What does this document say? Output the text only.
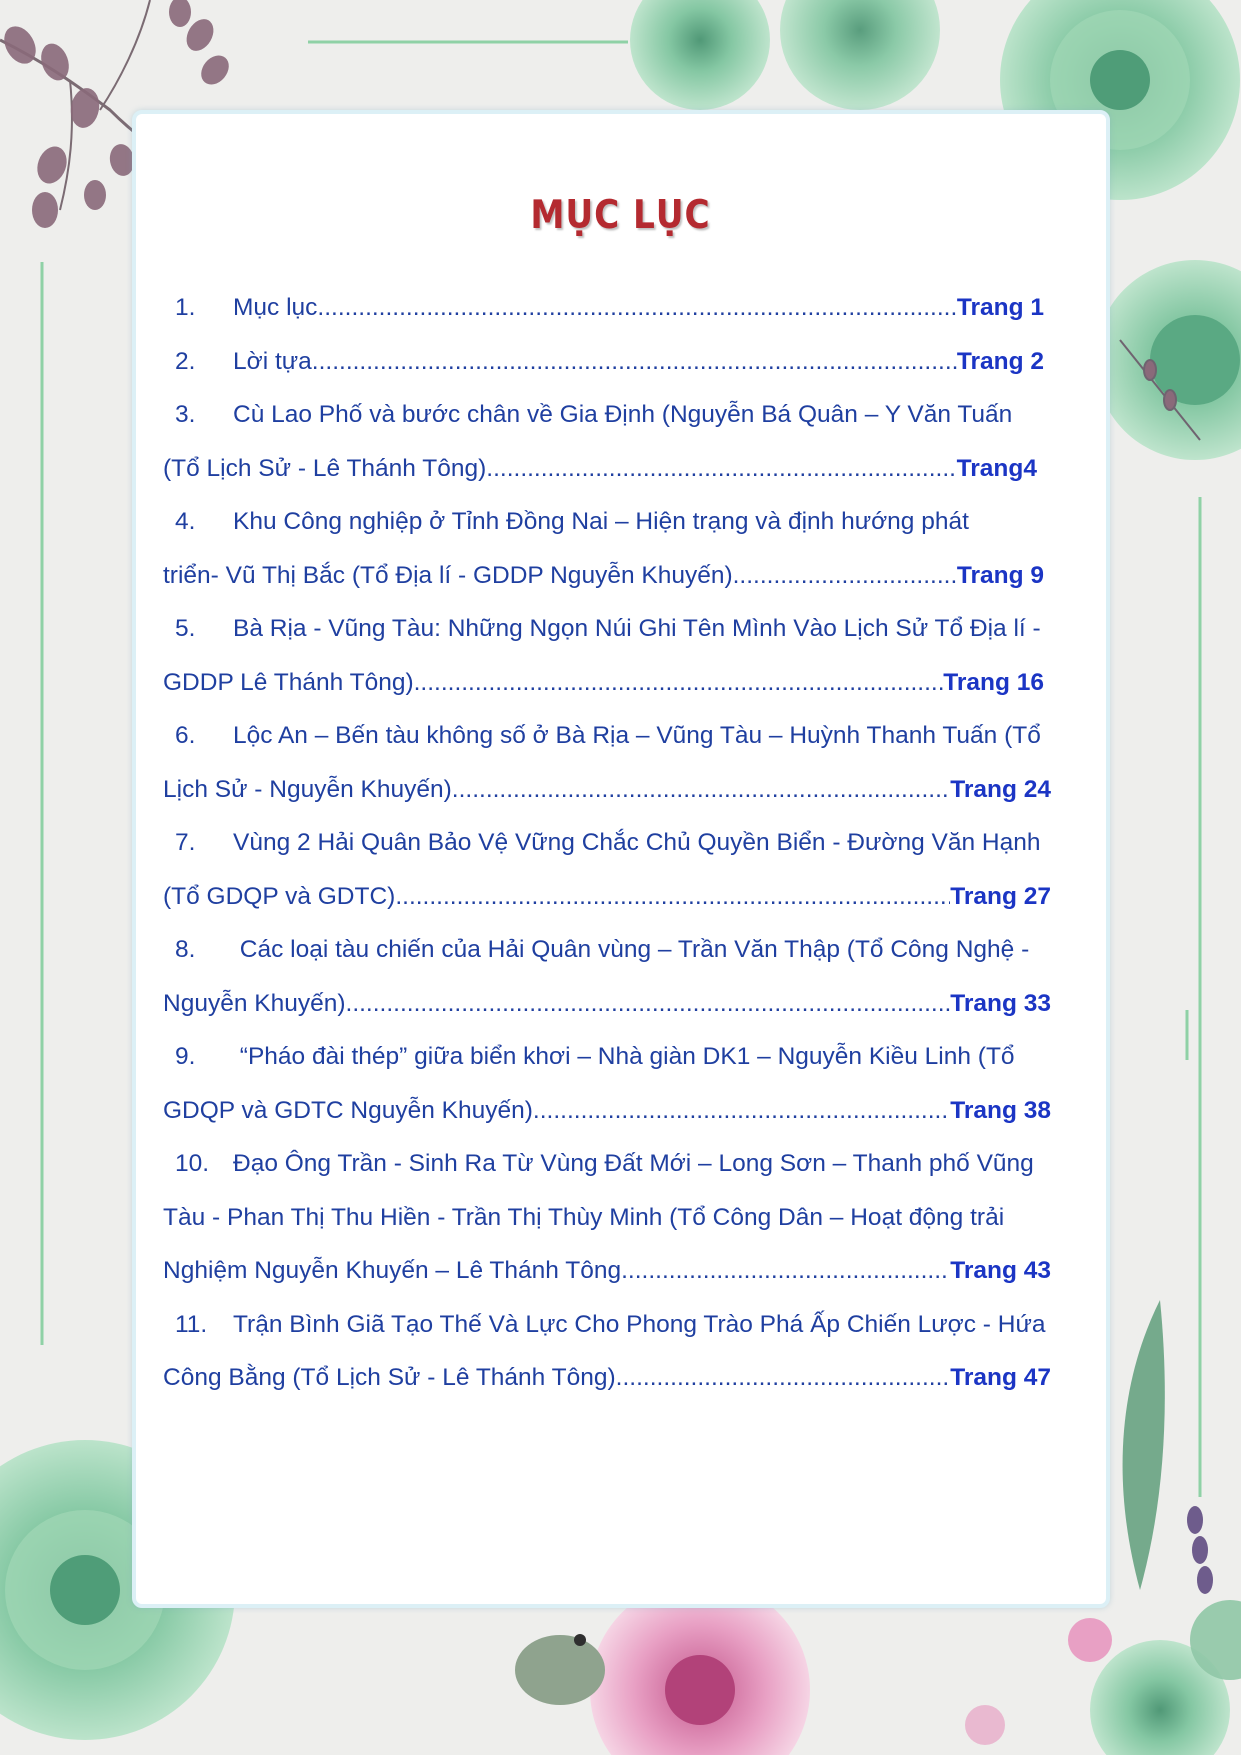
MỤC LỤC
1.	Mục lục .....	Trang 1
2.	Lời tựa .....	Trang 2
3.	Cù Lao Phố và bước chân về Gia Định (Nguyễn Bá Quân – Y Văn Tuấn
(Tổ Lịch Sử - Lê Thánh Tông) .....	Trang4
4.	Khu Công nghiệp ở Tỉnh Đồng Nai – Hiện trạng và định hướng phát
triển- Vũ Thị Bắc (Tổ Địa lí - GDDP Nguyễn Khuyến) .....	Trang 9
5.	Bà Rịa - Vũng Tàu: Những Ngọn Núi Ghi Tên Mình Vào Lịch Sử Tổ Địa lí -
GDDP Lê Thánh Tông). .....	Trang 16
6.	Lộc An – Bến tàu không số ở Bà Rịa – Vũng Tàu – Huỳnh Thanh Tuấn (Tổ
Lịch Sử - Nguyễn Khuyến) .....	Trang 24
7.	Vùng 2 Hải Quân Bảo Vệ Vững Chắc Chủ Quyền Biển - Đường Văn Hạnh
(Tổ GDQP và GDTC). .....	Trang 27
8.	Các loại tàu chiến của Hải Quân vùng – Trần Văn Thập (Tổ Công Nghệ -
Nguyễn Khuyến) .....	Trang 33
9.	“Pháo đài thép” giữa biển khơi – Nhà giàn DK1 – Nguyễn Kiều Linh (Tổ
GDQP và GDTC Nguyễn Khuyến). .....	Trang 38
10. Đạo Ông Trần - Sinh Ra Từ Vùng Đất Mới – Long Sơn – Thanh phố Vũng
Tàu - Phan Thị Thu Hiền - Trần Thị Thùy Minh (Tổ Công Dân – Hoạt động trải
Nghiệm Nguyễn Khuyến – Lê Thánh Tông. .....	Trang 43
11.	Trận Bình Giã Tạo Thế Và Lực Cho Phong Trào Phá Ấp Chiến Lược - Hứa
Công Bằng (Tổ Lịch Sử - Lê Thánh Tông). .....	Trang 47
